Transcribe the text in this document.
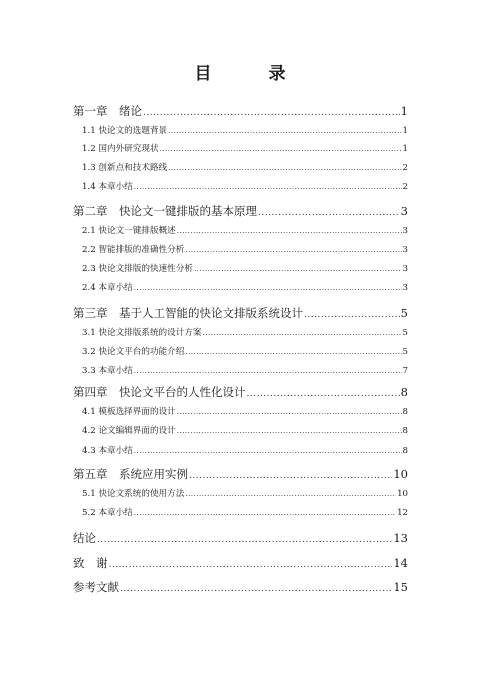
目　录
第一章　绪论 .....	1
1.1 快论文的选题背景 .....	1
1.2 国内外研究现状 .....	1
1.3 创新点和技术路线 .....	2
1.4 本章小结 .....	2
第二章　快论文一键排版的基本原理 .....	3
2.1 快论文一键排版概述 .....	3
2.2 智能排版的准确性分析 .....	3
2.3 快论文排版的快速性分析 .....	3
2.4 本章小结 .....	3
第三章　基于人工智能的快论文排版系统设计 .....	5
3.1 快论文排版系统的设计方案 .....	5
3.2 快论文平台的功能介绍 .....	5
3.3 本章小结 .....	7
第四章　快论文平台的人性化设计 .....	8
4.1 模板选择界面的设计 .....	8
4.2 论文编辑界面的设计 .....	8
4.3 本章小结 .....	8
第五章　系统应用实例 .....	10
5.1 快论文系统的使用方法 .....	10
5.2 本章小结 .....	12
结论 .....	13
致　谢 .....	14
参考文献 .....	15
